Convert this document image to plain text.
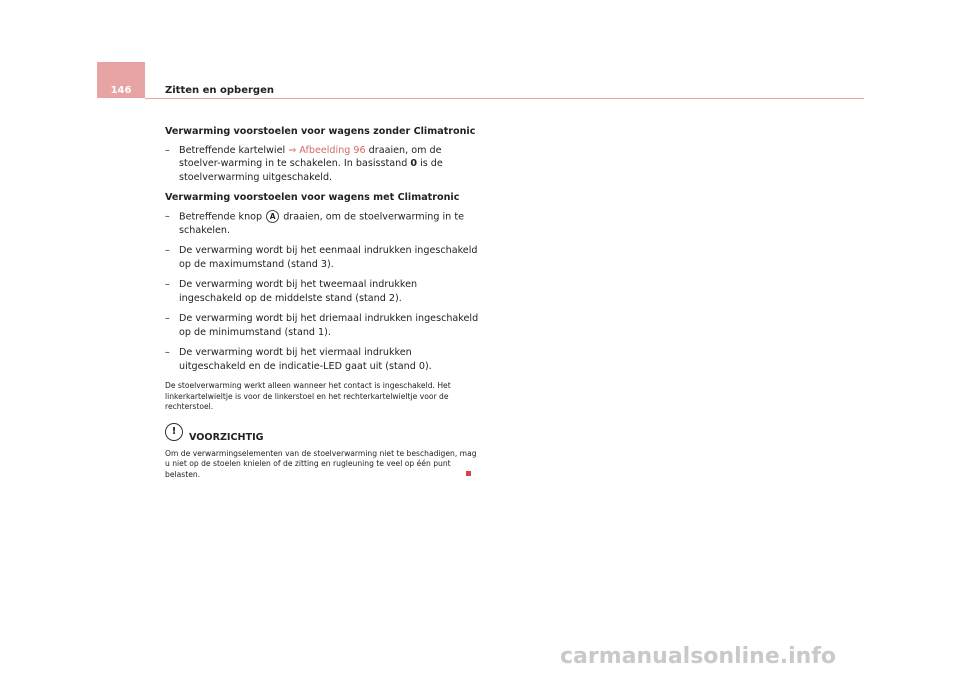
146	Zitten en opbergen
Verwarming voorstoelen voor wagens zonder Climatronic
– Betreffende kartelwiel ⇒ Afbeelding 96 draaien, om de stoelver-warming in te schakelen. In basisstand 0 is de stoelverwarming uitgeschakeld.
Verwarming voorstoelen voor wagens met Climatronic
– Betreffende knop A draaien, om de stoelverwarming in te schakelen.
– De verwarming wordt bij het eenmaal indrukken ingeschakeld op de maximumstand (stand 3).
– De verwarming wordt bij het tweemaal indrukken ingeschakeld op de middelste stand (stand 2).
– De verwarming wordt bij het driemaal indrukken ingeschakeld op de minimumstand (stand 1).
– De verwarming wordt bij het viermaal indrukken uitgeschakeld en de indicatie-LED gaat uit (stand 0).
De stoelverwarming werkt alleen wanneer het contact is ingeschakeld. Het linkerkartelwieltje is voor de linkerstoel en het rechterkartelwieltje voor de rechterstoel.
!
VOORZICHTIG
Om de verwarmingselementen van de stoelverwarming niet te beschadigen, mag u niet op de stoelen knielen of de zitting en rugleuning te veel op één punt belasten.
carmanualsonline.info
